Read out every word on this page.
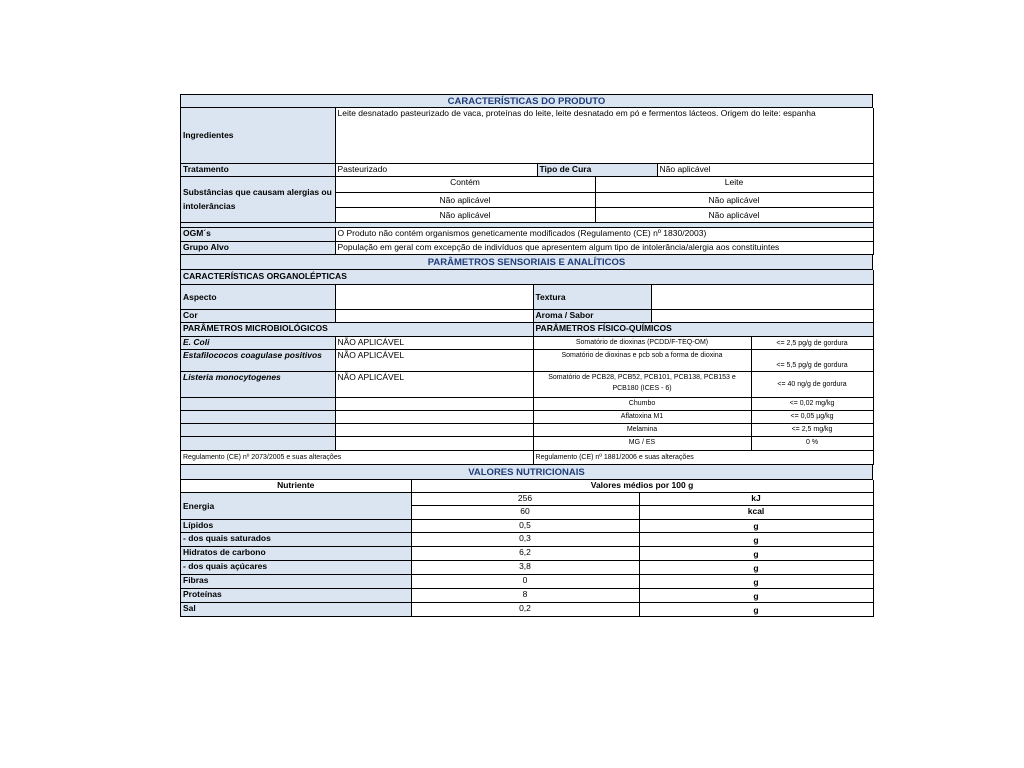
CARACTERÍSTICAS DO PRODUTO
Ingredientes	Leite desnatado pasteurizado de vaca, proteínas do leite, leite desnatado em pó e fermentos lácteos. Origem do leite: espanha		
Tratamento	Pasteurizado	Tipo de Cura	Não aplicável
Substâncias que causam alergias ou intolerâncias	Contém	Leite
	Não aplicável	Não aplicável
	Não aplicável	Não aplicável

OGM´s	O Produto não contém organismos geneticamente modificados (Regulamento (CE) nº 1830/2003)
Grupo Alvo	População em geral com excepção de indivíduos que apresentem algum tipo de intolerância/alergia aos constituintes
PARÂMETROS SENSORIAIS E ANALÍTICOS
CARACTERÍSTICAS ORGANOLÉPTICAS			
Aspecto		Textura	
Cor		Aroma / Sabor	
PARÂMETROS MICROBIOLÓGICOS		PARÂMETROS FÍSICO-QUÍMICOS	
E. Coli	NÃO APLICÁVEL	Somatório de dioxinas (PCDD/F-TEQ-OM)	<= 2,5 pg/g de gordura
Estafilococos coagulase positivos	NÃO APLICÁVEL	Somatório de dioxinas e pcb sob a forma de dioxina	<= 5,5 pg/g de gordura
Listeria monocytogenes	NÃO APLICÁVEL	Somatório de PCB28, PCB52, PCB101, PCB138, PCB153 e PCB180 (ICES - 6)	<= 40 ng/g de gordura
		Chumbo	<= 0,02 mg/kg
		Aflatoxina M1	<= 0,05 µg/kg
		Melamina	<= 2,5 mg/kg
		MG / ES	0 %
Regulamento (CE) nº 2073/2005 e suas alterações		Regulamento (CE) nº 1881/2006 e suas alterações	
VALORES NUTRICIONAIS
Nutriente	Valores médios por 100 g	
Energia	256	kJ
	60	kcal
Lípidos	0,5	g
- dos quais saturados	0,3	g
Hidratos de carbono	6,2	g
- dos quais açúcares	3,8	g
Fibras	0	g
Proteínas	8	g
Sal	0,2	g
